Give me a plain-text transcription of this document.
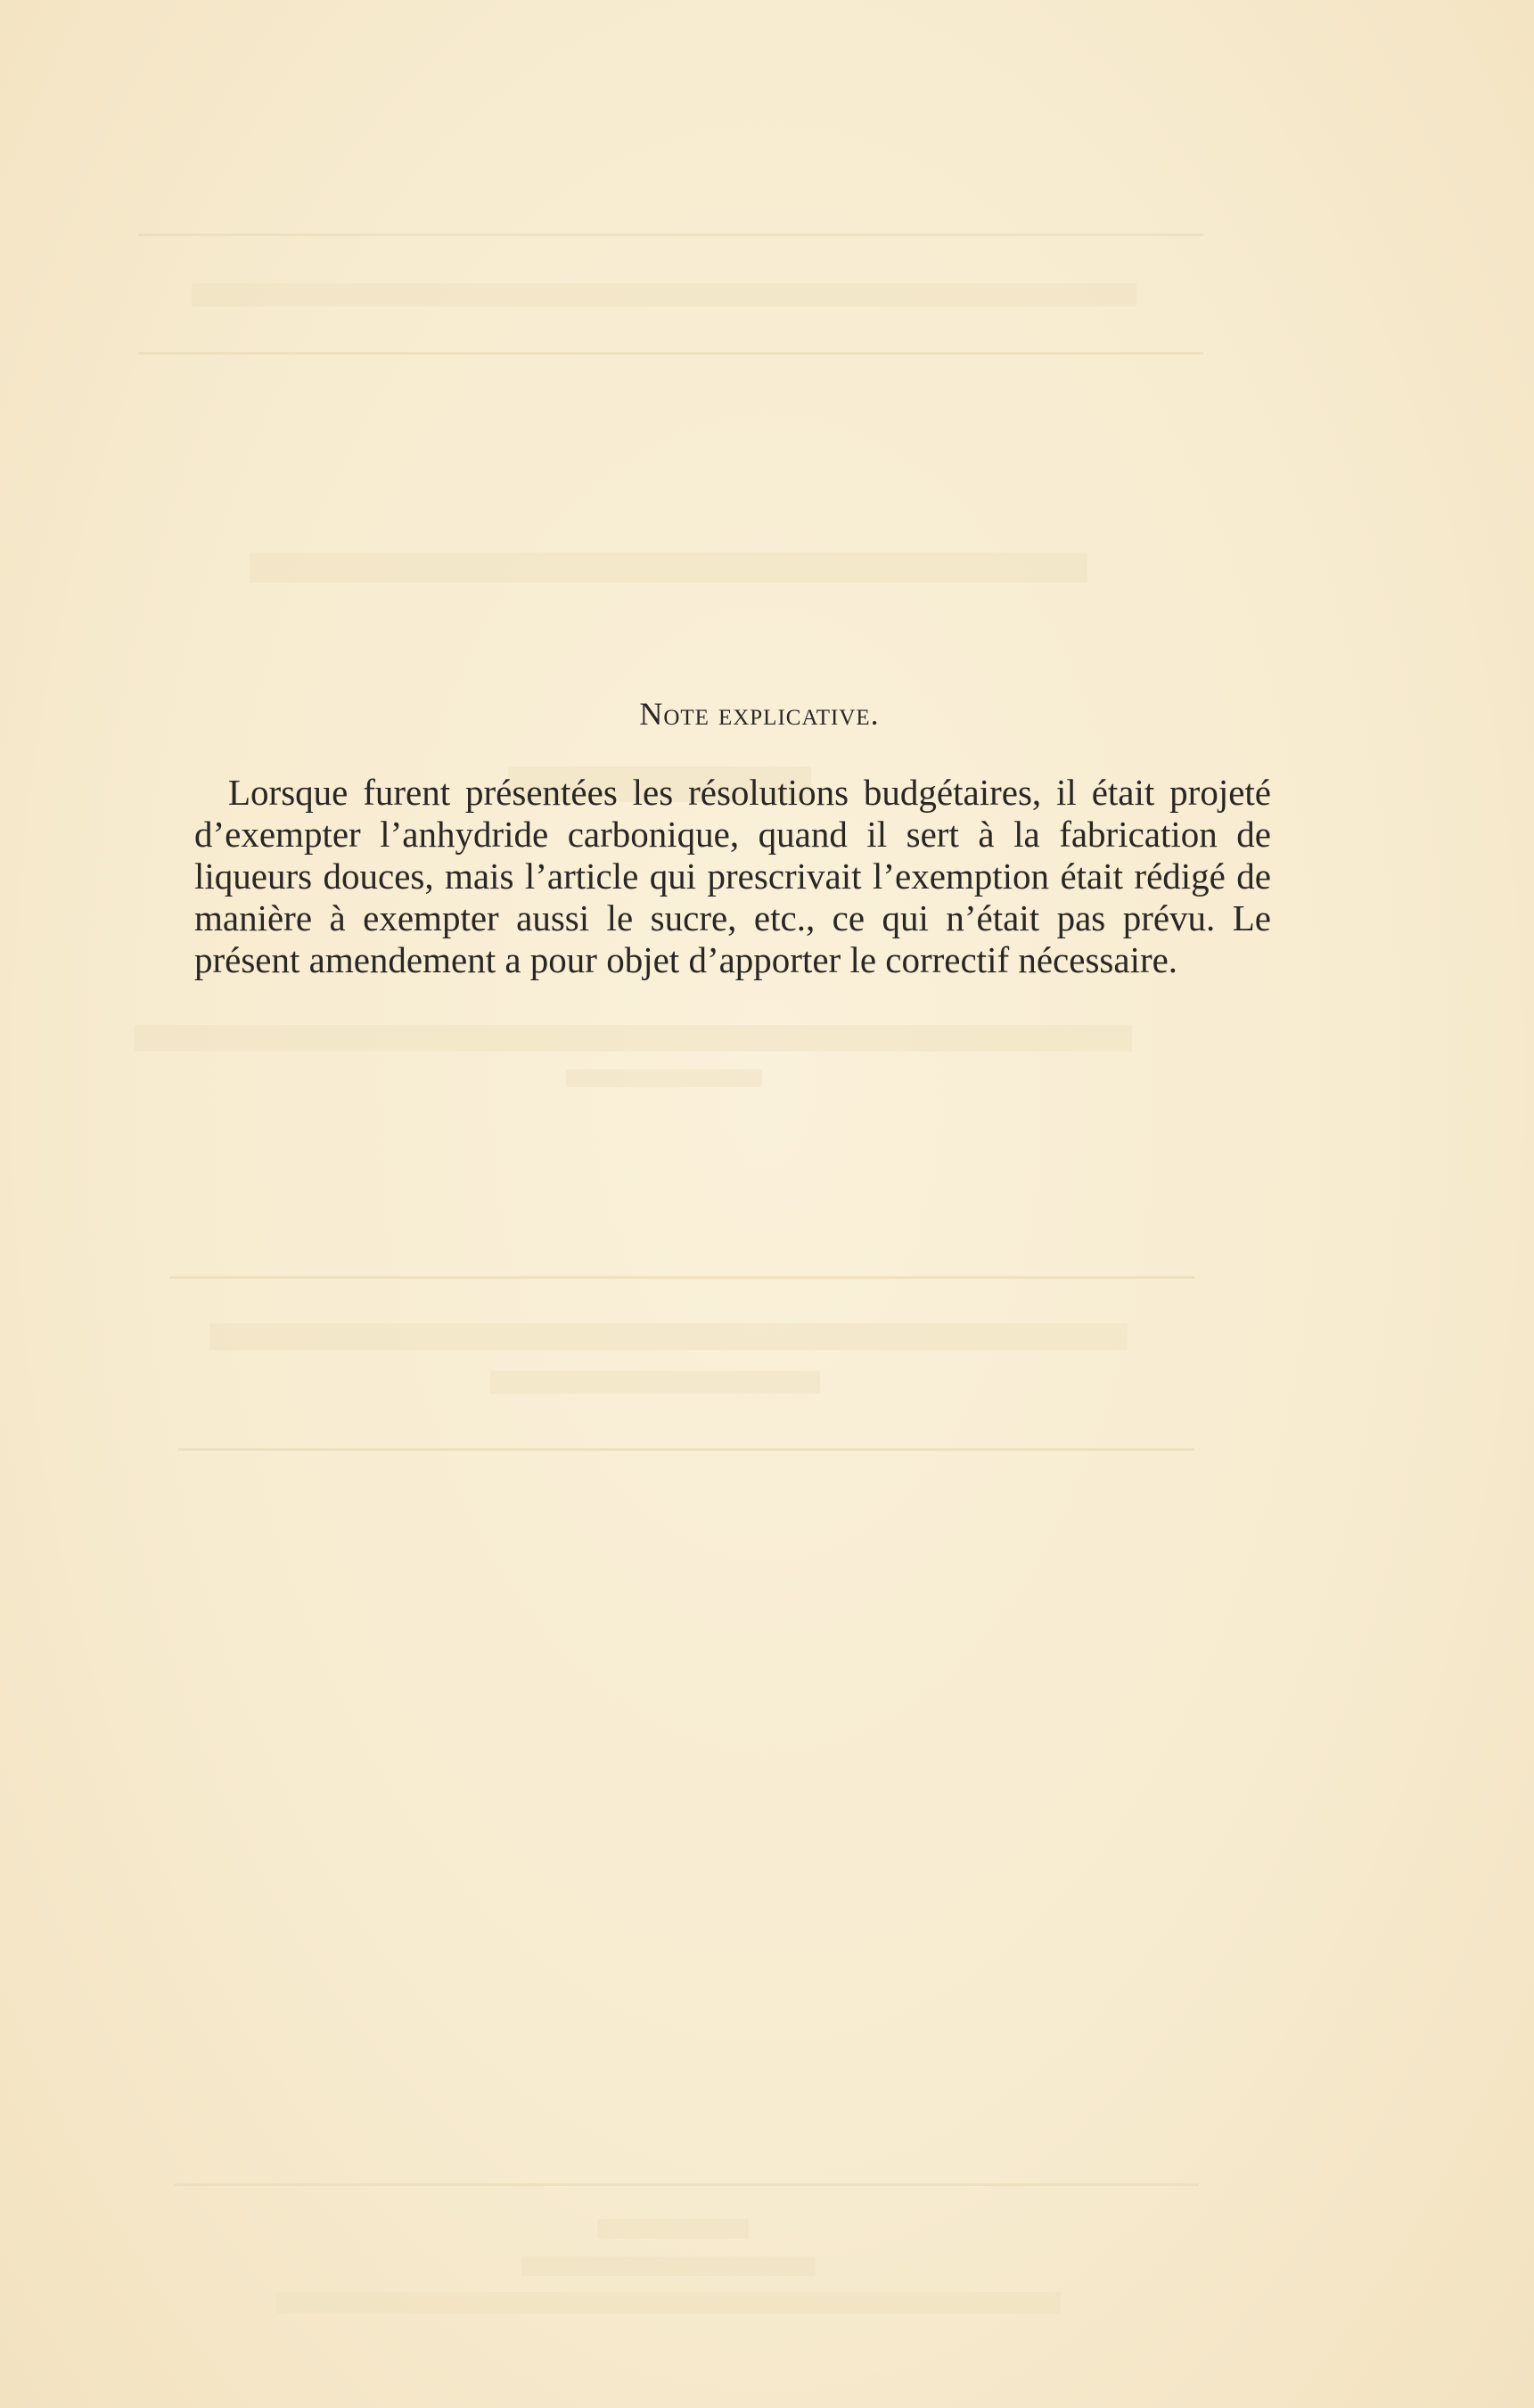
Note explicative.

Lorsque furent présentées les résolutions budgétaires, il était projeté d’exempter l’anhydride carbonique, quand il sert à la fabrication de liqueurs douces, mais l’article qui prescrivait l’exemption était rédigé de manière à exempter aussi le sucre, etc., ce qui n’était pas prévu. Le présent amendement a pour objet d’apporter le correctif nécessaire.
